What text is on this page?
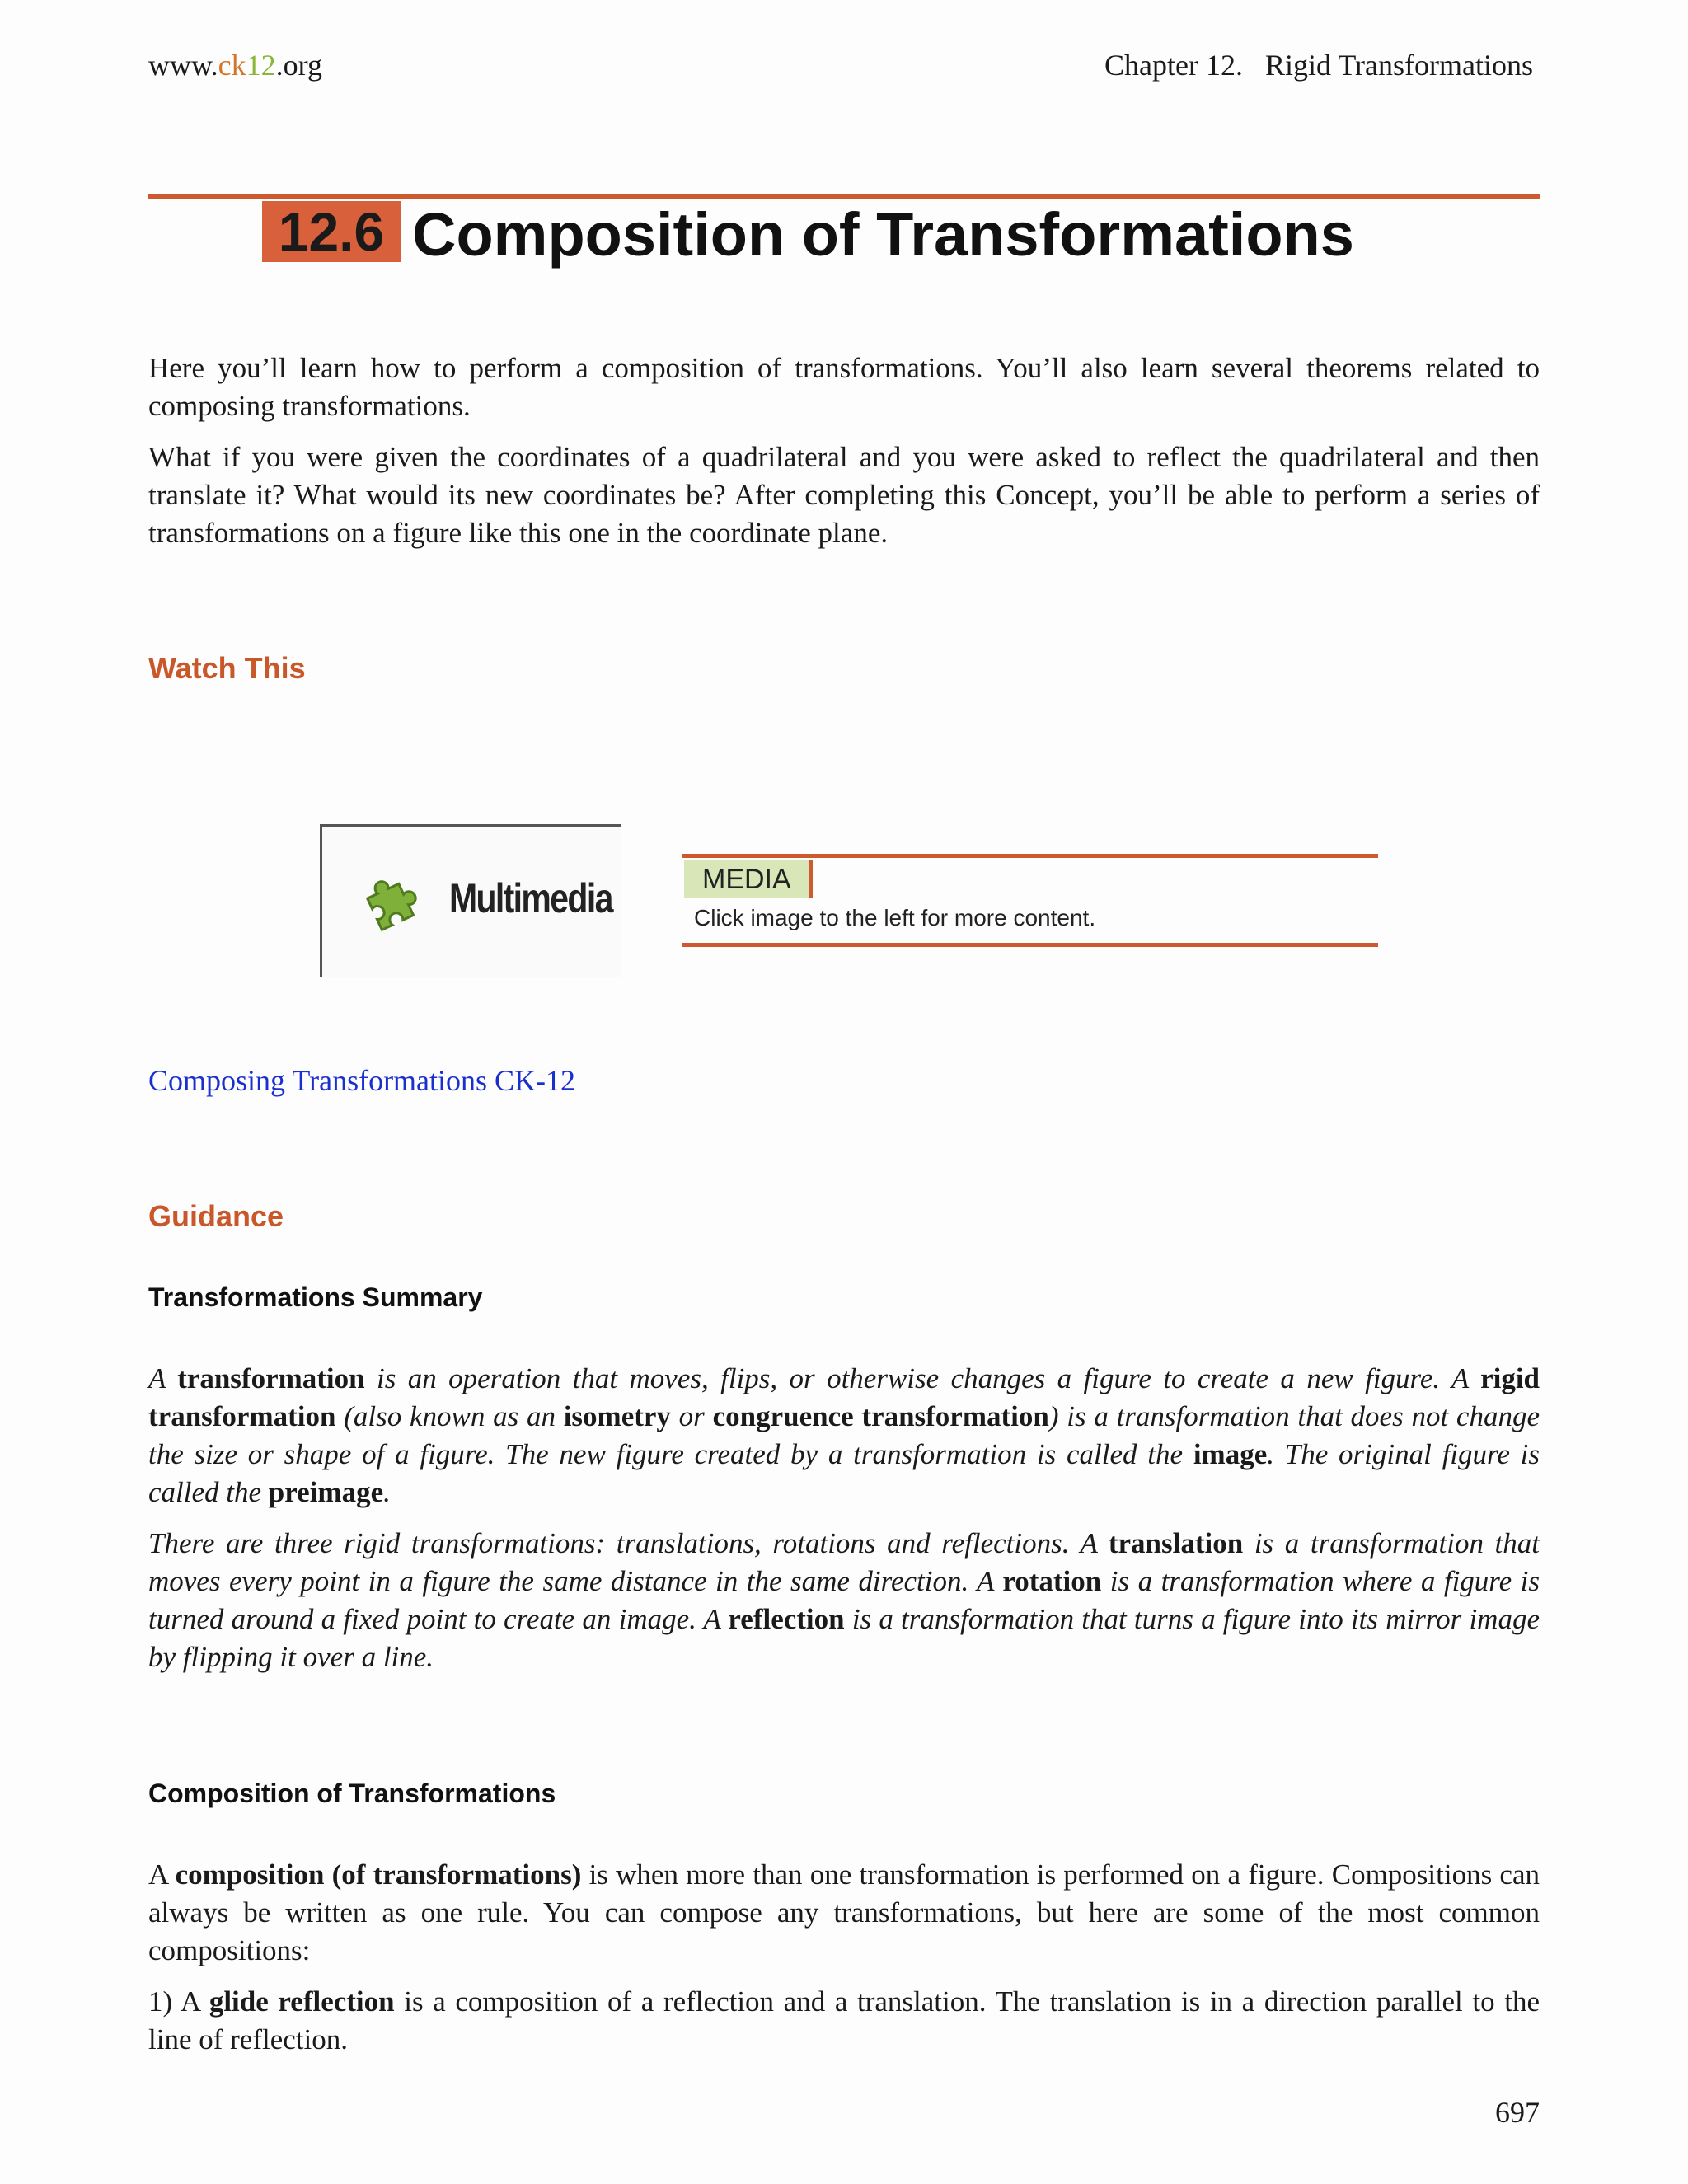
www.ck12.org	Chapter 12.   Rigid Transformations
12.6 Composition of Transformations

Here you’ll learn how to perform a composition of transformations. You’ll also learn several theorems related to composing transformations.

What if you were given the coordinates of a quadrilateral and you were asked to reflect the quadrilateral and then translate it? What would its new coordinates be? After completing this Concept, you’ll be able to perform a series of transformations on a figure like this one in the coordinate plane.

Watch This
Multimedia	MEDIA
Click image to the left for more content.
Composing Transformations CK-12
Guidance
Transformations Summary

A transformation is an operation that moves, flips, or otherwise changes a figure to create a new figure. A rigid transformation (also known as an isometry or congruence transformation) is a transformation that does not change the size or shape of a figure. The new figure created by a transformation is called the image. The original figure is called the preimage.

There are three rigid transformations: translations, rotations and reflections. A translation is a transformation that moves every point in a figure the same distance in the same direction. A rotation is a transformation where a figure is turned around a fixed point to create an image. A reflection is a transformation that turns a figure into its mirror image by flipping it over a line.

Composition of Transformations

A composition (of transformations) is when more than one transformation is performed on a figure. Compositions can always be written as one rule. You can compose any transformations, but here are some of the most common compositions:

1) A glide reflection is a composition of a reflection and a translation. The translation is in a direction parallel to the line of reflection.

697
